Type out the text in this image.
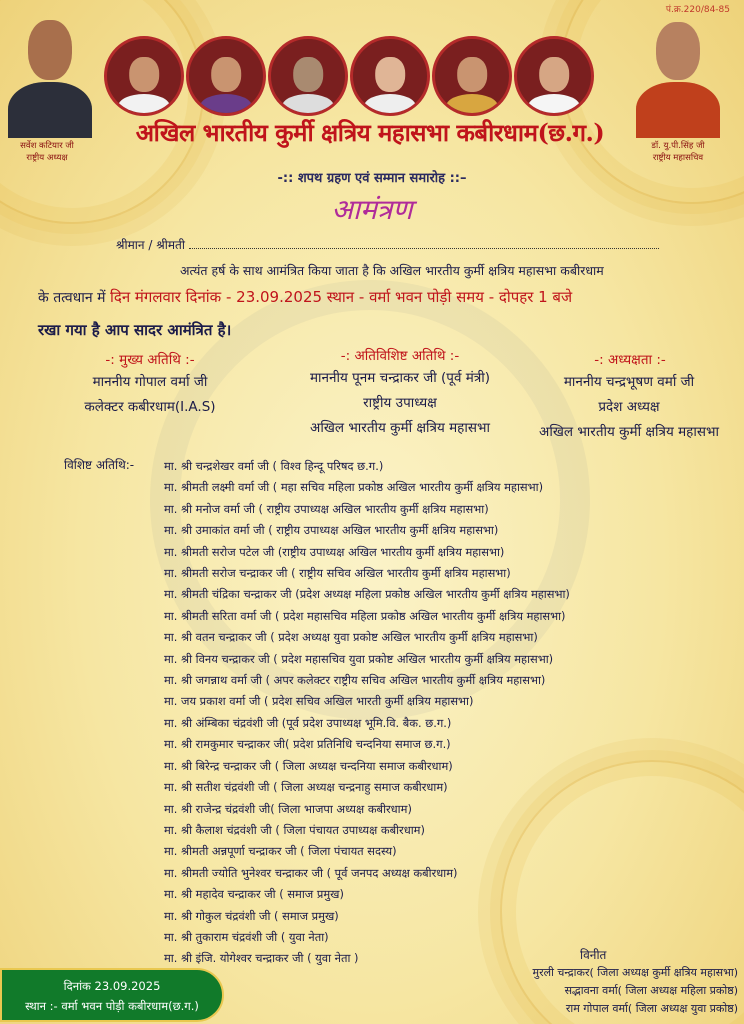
पं.क्र.220/84-85
सर्वेश कटियार जी
राष्ट्रीय अध्यक्ष
डॉ. यु.पी.सिंह जी
राष्ट्रीय महासचिव
अखिल भारतीय कुर्मी क्षत्रिय महासभा कबीरधाम(छ.ग.)
-:: शपथ ग्रहण एवं सम्मान समारोह ::–
आमंत्रण
श्रीमान / श्रीमती
अत्यंत हर्ष के साथ आमंत्रित किया जाता है कि अखिल भारतीय कुर्मी क्षत्रिय महासभा कबीरधाम
के तत्वधान में दिन मंगलवार दिनांक - 23.09.2025 स्थान - वर्मा भवन पोड़ी समय - दोपहर 1 बजे
रखा गया है आप सादर आमंत्रित है।
-: मुख्य अतिथि :-
माननीय गोपाल वर्मा जी
कलेक्टर कबीरधाम(I.A.S)
-: अतिविशिष्ट अतिथि :-
माननीय पूनम चन्द्राकर जी (पूर्व मंत्री)
राष्ट्रीय उपाध्यक्ष
अखिल भारतीय कुर्मी क्षत्रिय महासभा
-: अध्यक्षता :-
माननीय चन्द्रभूषण वर्मा जी
प्रदेश अध्यक्ष
अखिल भारतीय कुर्मी क्षत्रिय महासभा
विशिष्ट अतिथि:-	मा. श्री चन्द्रशेखर वर्मा जी ( विश्व हिन्दू परिषद छ.ग.)
मा. श्रीमती लक्ष्मी वर्मा जी ( महा सचिव महिला प्रकोष्ठ अखिल भारतीय कुर्मी क्षत्रिय महासभा)
मा. श्री मनोज वर्मा जी ( राष्ट्रीय उपाध्यक्ष अखिल भारतीय कुर्मी क्षत्रिय महासभा)
मा. श्री उमाकांत वर्मा जी ( राष्ट्रीय उपाध्यक्ष अखिल भारतीय कुर्मी क्षत्रिय महासभा)
मा. श्रीमती सरोज पटेल जी (राष्ट्रीय उपाध्यक्ष अखिल भारतीय कुर्मी क्षत्रिय महासभा)
मा. श्रीमती सरोज चन्द्राकर जी ( राष्ट्रीय सचिव अखिल भारतीय कुर्मी क्षत्रिय महासभा)
मा. श्रीमती चंद्रिका चन्द्राकर जी (प्रदेश अध्यक्ष महिला प्रकोष्ठ अखिल भारतीय कुर्मी क्षत्रिय महासभा)
मा. श्रीमती सरिता वर्मा जी ( प्रदेश महासचिव महिला प्रकोष्ठ अखिल भारतीय कुर्मी क्षत्रिय महासभा)
मा. श्री वतन चन्द्राकर जी ( प्रदेश अध्यक्ष युवा प्रकोष्ट अखिल भारतीय कुर्मी क्षत्रिय महासभा)
मा. श्री विनय चन्द्राकर जी ( प्रदेश महासचिव युवा प्रकोष्ट अखिल भारतीय कुर्मी क्षत्रिय महासभा)
मा. श्री जगन्नाथ वर्मा जी ( अपर कलेक्टर राष्ट्रीय सचिव अखिल भारतीय कुर्मी क्षत्रिय महासभा)
मा. जय प्रकाश वर्मा जी ( प्रदेश सचिव अखिल भारती कुर्मी क्षत्रिय महासभा)
मा. श्री अंम्बिका चंद्रवंशी जी (पूर्व प्रदेश उपाध्यक्ष भूमि.वि. बैक. छ.ग.)
मा. श्री रामकुमार चन्द्राकर जी( प्रदेश प्रतिनिधि चन्दनिया समाज छ.ग.)
मा. श्री बिरेन्द्र चन्द्राकर जी ( जिला अध्यक्ष चन्दनिया समाज कबीरधाम)
मा. श्री सतीश चंद्रवंशी जी ( जिला अध्यक्ष चन्द्रनाहु समाज कबीरधाम)
मा. श्री राजेन्द्र चंद्रवंशी जी( जिला भाजपा अध्यक्ष कबीरधाम)
मा. श्री कैलाश चंद्रवंशी जी ( जिला पंचायत उपाध्यक्ष कबीरधाम)
मा. श्रीमती अन्नपूर्णा चन्द्राकर जी ( जिला पंचायत सदस्य)
मा. श्रीमती ज्योति भुनेश्वर चन्द्राकर जी ( पूर्व जनपद अध्यक्ष कबीरधाम)
मा. श्री महादेव चन्द्राकर जी ( समाज प्रमुख)
मा. श्री गोकुल चंद्रवंशी जी ( समाज प्रमुख)
मा. श्री तुकाराम चंद्रवंशी जी ( युवा नेता)
मा. श्री इंजि. योगेश्वर चन्द्राकर जी ( युवा नेता )	विनीत
मुरली चन्द्राकर( जिला अध्यक्ष कुर्मी क्षत्रिय महासभा)
सद्भावना वर्मा( जिला अध्यक्ष महिला प्रकोष्ठ)
राम गोपाल वर्मा( जिला अध्यक्ष युवा प्रकोष्ठ)
दिनांक 23.09.2025
स्थान :- वर्मा भवन पोड़ी कबीरधाम(छ.ग.)
